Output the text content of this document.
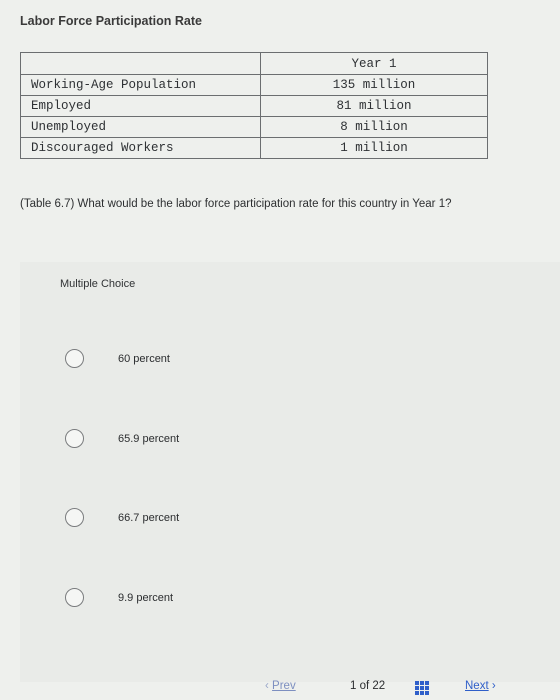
Labor Force Participation Rate
	Year 1
Working-Age Population	135 million
Employed	81 million
Unemployed	8 million
Discouraged Workers	1 million
(Table 6.7) What would be the labor force participation rate for this country in Year 1?
Multiple Choice
60 percent
65.9 percent
66.7 percent
9.9 percent
‹ Prev	1 of 22	Next ›
